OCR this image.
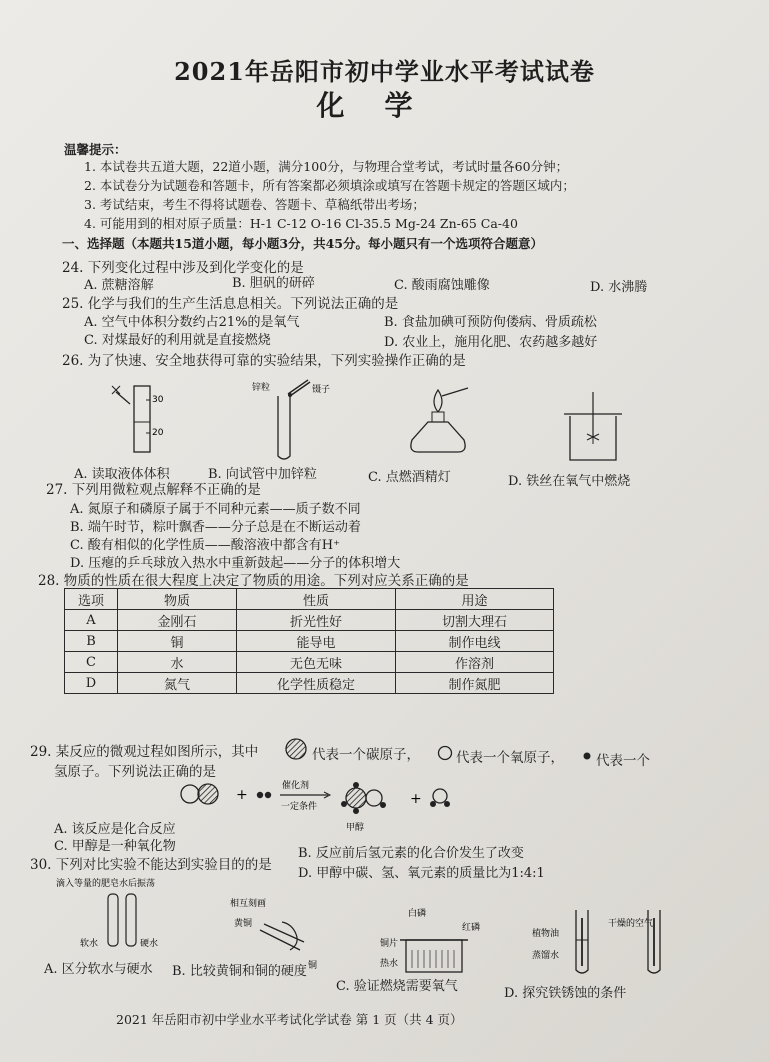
2021年岳阳市初中学业水平考试试卷
化学
温馨提示：
1. 本试卷共五道大题，22道小题，满分100分，与物理合堂考试，考试时量各60分钟；
2. 本试卷分为试题卷和答题卡，所有答案都必须填涂或填写在答题卡规定的答题区域内；
3. 考试结束，考生不得将试题卷、答题卡、草稿纸带出考场；
4. 可能用到的相对原子质量：H-1 C-12 O-16 Cl-35.5 Mg-24 Zn-65 Ca-40
一、选择题（本题共15道小题，每小题3分，共45分。每小题只有一个选项符合题意）
24. 下列变化过程中涉及到化学变化的是
A. 蔗糖溶解	B. 胆矾的研碎	C. 酸雨腐蚀雕像	D. 水沸腾
25. 化学与我们的生产生活息息相关。下列说法正确的是
A. 空气中体积分数约占21%的是氧气	B. 食盐加碘可预防佝偻病、骨质疏松
C. 对煤最好的利用就是直接燃烧	D. 农业上，施用化肥、农药越多越好
26. 为了快速、安全地获得可靠的实验结果，下列实验操作正确的是
30
20
锌粒	镊子
A. 读取液体体积	B. 向试管中加锌粒	C. 点燃酒精灯	D. 铁丝在氧气中燃烧
27. 下列用微粒观点解释不正确的是
A. 氮原子和磷原子属于不同种元素——质子数不同
B. 端午时节，粽叶飘香——分子总是在不断运动着
C. 酸有相似的化学性质——酸溶液中都含有H⁺
D. 压瘪的乒乓球放入热水中重新鼓起——分子的体积增大
28. 物质的性质在很大程度上决定了物质的用途。下列对应关系正确的是
选项	物质	性质	用途
A	金刚石	折光性好	切割大理石
B	铜	能导电	制作电线
C	水	无色无味	作溶剂
D	氮气	化学性质稳定	制作氮肥
29. 某反应的微观过程如图所示，其中	代表一个碳原子，	代表一个氧原子， 代表一个
氢原子。下列说法正确的是
+
催化剂
一定条件
甲醇
+
A. 该反应是化合反应
C. 甲醇是一种氧化物	B. 反应前后氢元素的化合价发生了改变
D. 甲醇中碳、氢、氧元素的质量比为1:4:1
30. 下列对比实验不能达到实验目的的是
滴入等量的肥皂水后振荡
软水	硬水
相互刻画
黄铜
铜
白磷
红磷
铜片
热水
植物油
蒸馏水
干燥的空气
A. 区分软水与硬水 B. 比较黄铜和铜的硬度
C. 验证燃烧需要氧气	D. 探究铁锈蚀的条件
2021 年岳阳市初中学业水平考试化学试卷 第 1 页（共 4 页）
